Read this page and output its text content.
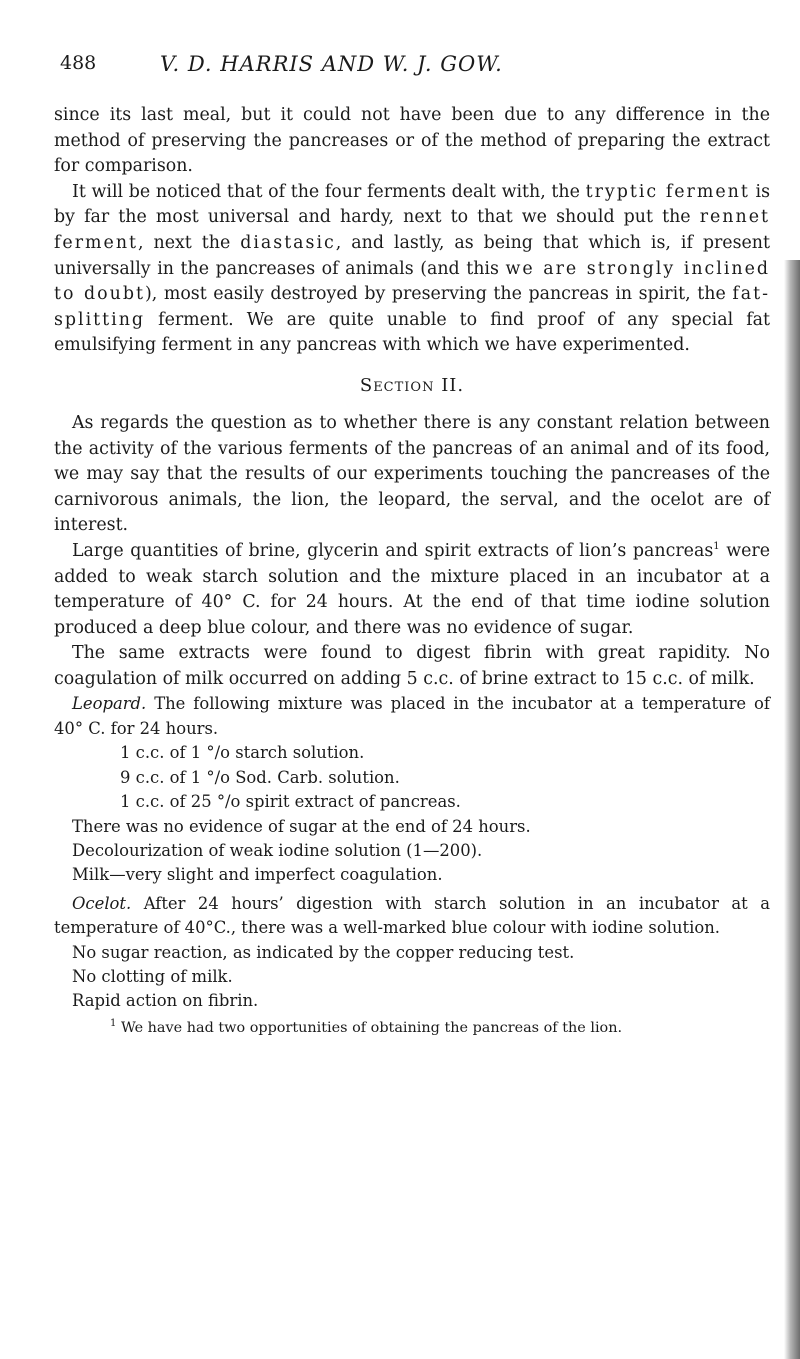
488	V. D. HARRIS AND W. J. GOW.

since its last meal, but it could not have been due to any difference in the method of preserving the pancreases or of the method of preparing the extract for comparison.

It will be noticed that of the four ferments dealt with, the tryptic ferment is by far the most universal and hardy, next to that we should put the rennet ferment, next the diastasic, and lastly, as being that which is, if present universally in the pancreases of animals (and this we are strongly inclined to doubt), most easily destroyed by preserving the pancreas in spirit, the fat-splitting ferment. We are quite unable to find proof of any special fat emulsifying ferment in any pancreas with which we have experimented.

Section II.

As regards the question as to whether there is any constant relation between the activity of the various ferments of the pancreas of an animal and of its food, we may say that the results of our experiments touching the pancreases of the carnivorous animals, the lion, the leopard, the serval, and the ocelot are of interest.

Large quantities of brine, glycerin and spirit extracts of lion’s pancreas$^1$ were added to weak starch solution and the mixture placed in an incubator at a temperature of 40° C. for 24 hours. At the end of that time iodine solution produced a deep blue colour, and there was no evidence of sugar.

The same extracts were found to digest fibrin with great rapidity. No coagulation of milk occurred on adding 5 c.c. of brine extract to 15 c.c. of milk.

Leopard. The following mixture was placed in the incubator at a temperature of 40° C. for 24 hours.

1 c.c. of 1 °/o starch solution.

9 c.c. of 1 °/o Sod. Carb. solution.

1 c.c. of 25 °/o spirit extract of pancreas.

There was no evidence of sugar at the end of 24 hours.

Decolourization of weak iodine solution (1—200).

Milk—very slight and imperfect coagulation.

Ocelot. After 24 hours’ digestion with starch solution in an incubator at a temperature of 40°C., there was a well-marked blue colour with iodine solution.

No sugar reaction, as indicated by the copper reducing test.

No clotting of milk.

Rapid action on fibrin.

$^1$ We have had two opportunities of obtaining the pancreas of the lion.
